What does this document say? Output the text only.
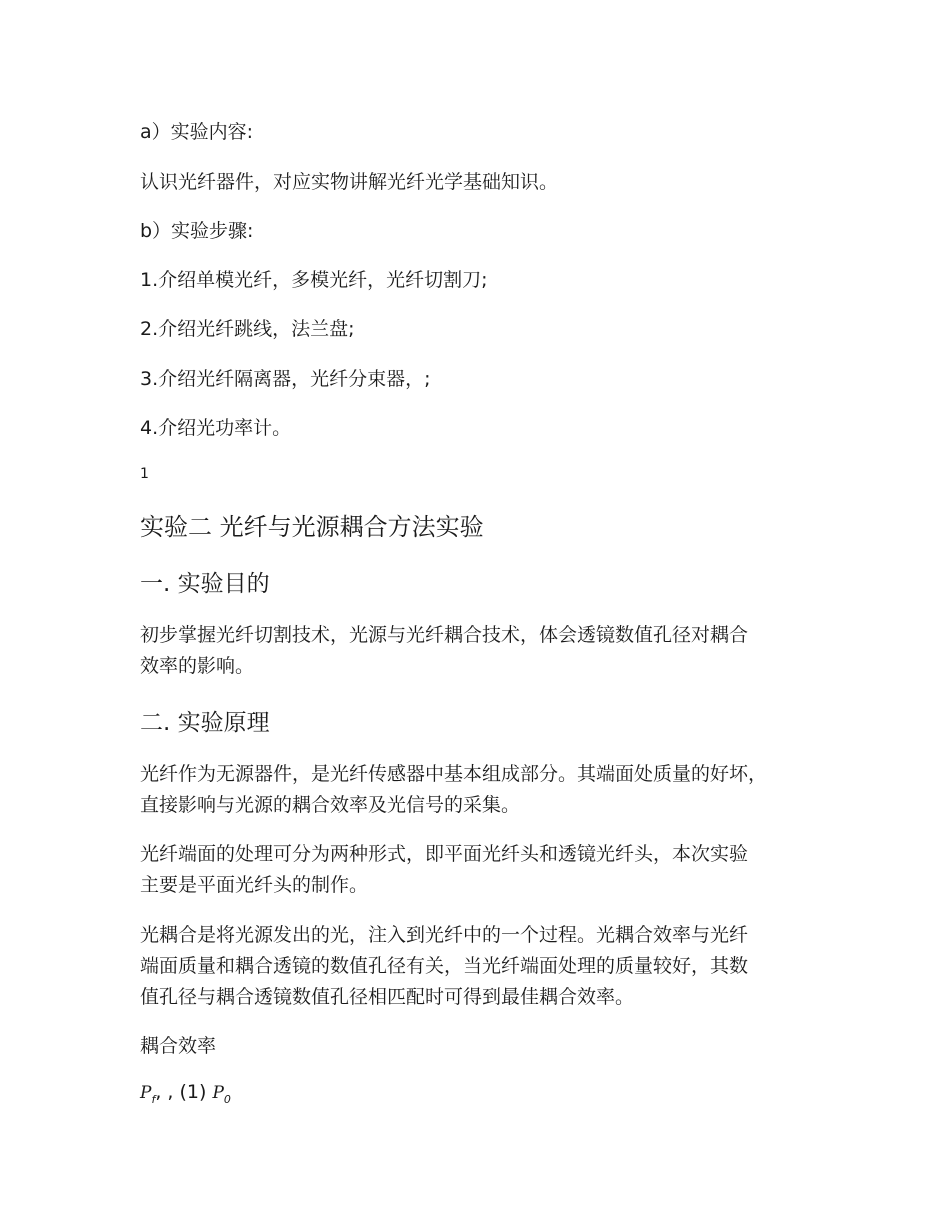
a）实验内容:

认识光纤器件，对应实物讲解光纤光学基础知识。

b）实验步骤:

1.介绍单模光纤，多模光纤，光纤切割刀;

2.介绍光纤跳线，法兰盘;

3.介绍光纤隔离器，光纤分束器，;

4.介绍光功率计。

1

实验二 光纤与光源耦合方法实验
一. 实验目的

初步掌握光纤切割技术，光源与光纤耦合技术，体会透镜数值孔径对耦合

效率的影响。

二. 实验原理

光纤作为无源器件，是光纤传感器中基本组成部分。其端面处质量的好坏，

直接影响与光源的耦合效率及光信号的采集。

光纤端面的处理可分为两种形式，即平面光纤头和透镜光纤头，本次实验

主要是平面光纤头的制作。

光耦合是将光源发出的光，注入到光纤中的一个过程。光耦合效率与光纤

端面质量和耦合透镜的数值孔径有关，当光纤端面处理的质量较好，其数

值孔径与耦合透镜数值孔径相匹配时可得到最佳耦合效率。

耦合效率

$P_f$, , (1) $P_0$
